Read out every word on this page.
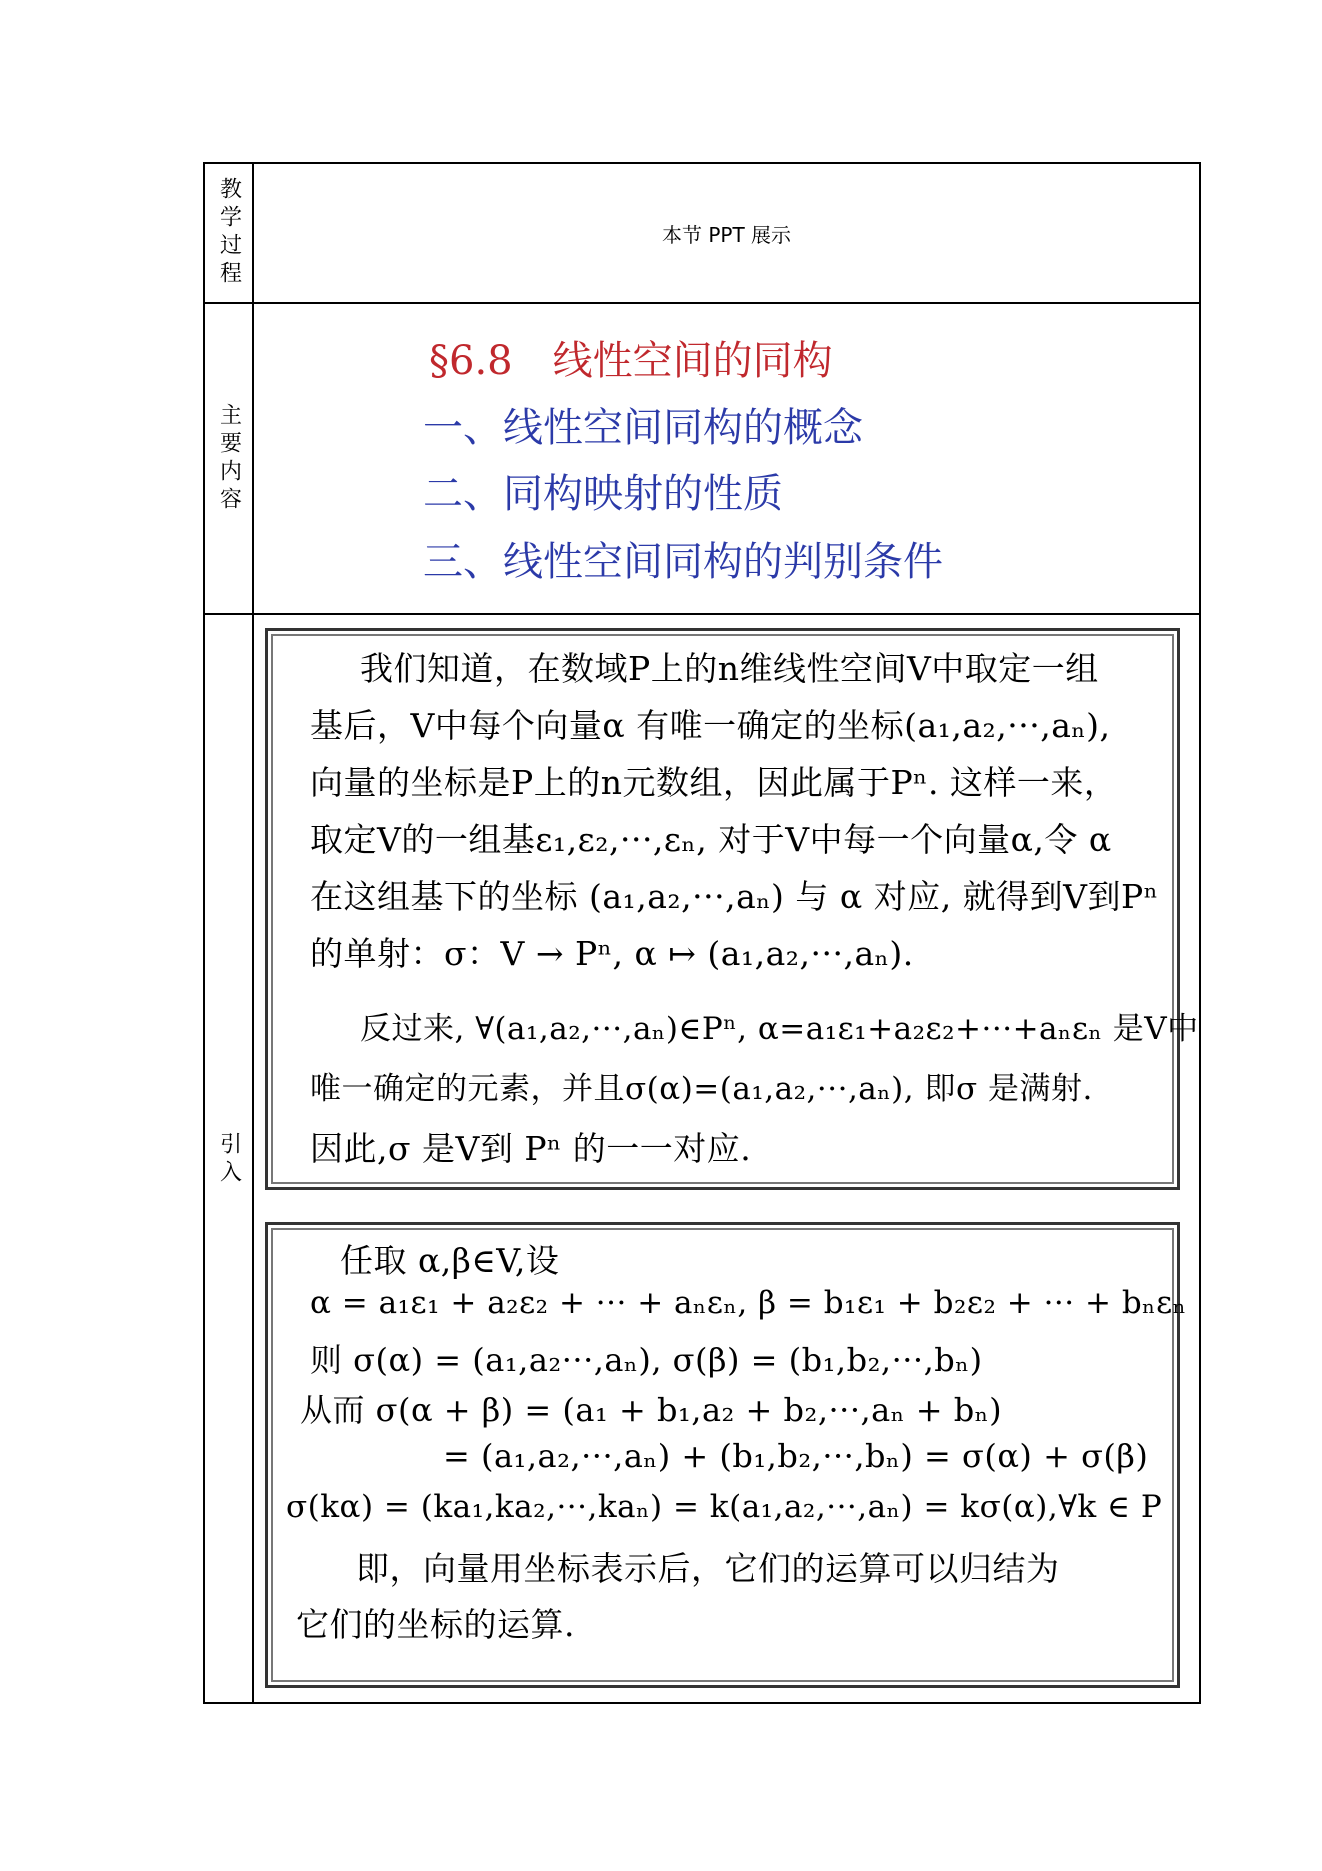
教学过程	本节 PPT 展示
主要内容
§6.8　线性空间的同构
一、线性空间同构的概念
二、同构映射的性质
三、线性空间同构的判别条件
引入
我们知道，在数域P上的n维线性空间V中取定一组
基后，V中每个向量α 有唯一确定的坐标(a₁,a₂,···,aₙ),
向量的坐标是P上的n元数组，因此属于Pⁿ. 这样一来，
取定V的一组基ε₁,ε₂,···,εₙ, 对于V中每一个向量α,令 α
在这组基下的坐标 (a₁,a₂,···,aₙ) 与 α 对应, 就得到V到Pⁿ
的单射：σ：V → Pⁿ, α ↦ (a₁,a₂,···,aₙ).
反过来, ∀(a₁,a₂,···,aₙ)∈Pⁿ, α=a₁ε₁+a₂ε₂+···+aₙεₙ 是V中
唯一确定的元素，并且σ(α)=(a₁,a₂,···,aₙ), 即σ 是满射.
因此,σ 是V到 Pⁿ 的一一对应.
任取 α,β∈V,设
α = a₁ε₁ + a₂ε₂ + ··· + aₙεₙ, β = b₁ε₁ + b₂ε₂ + ··· + bₙεₙ
则 σ(α) = (a₁,a₂···,aₙ), σ(β) = (b₁,b₂,···,bₙ)
从而 σ(α + β) = (a₁ + b₁,a₂ + b₂,···,aₙ + bₙ)
= (a₁,a₂,···,aₙ) + (b₁,b₂,···,bₙ) = σ(α) + σ(β)
σ(kα) = (ka₁,ka₂,···,kaₙ) = k(a₁,a₂,···,aₙ) = kσ(α),∀k ∈ P
即，向量用坐标表示后，它们的运算可以归结为
它们的坐标的运算.
